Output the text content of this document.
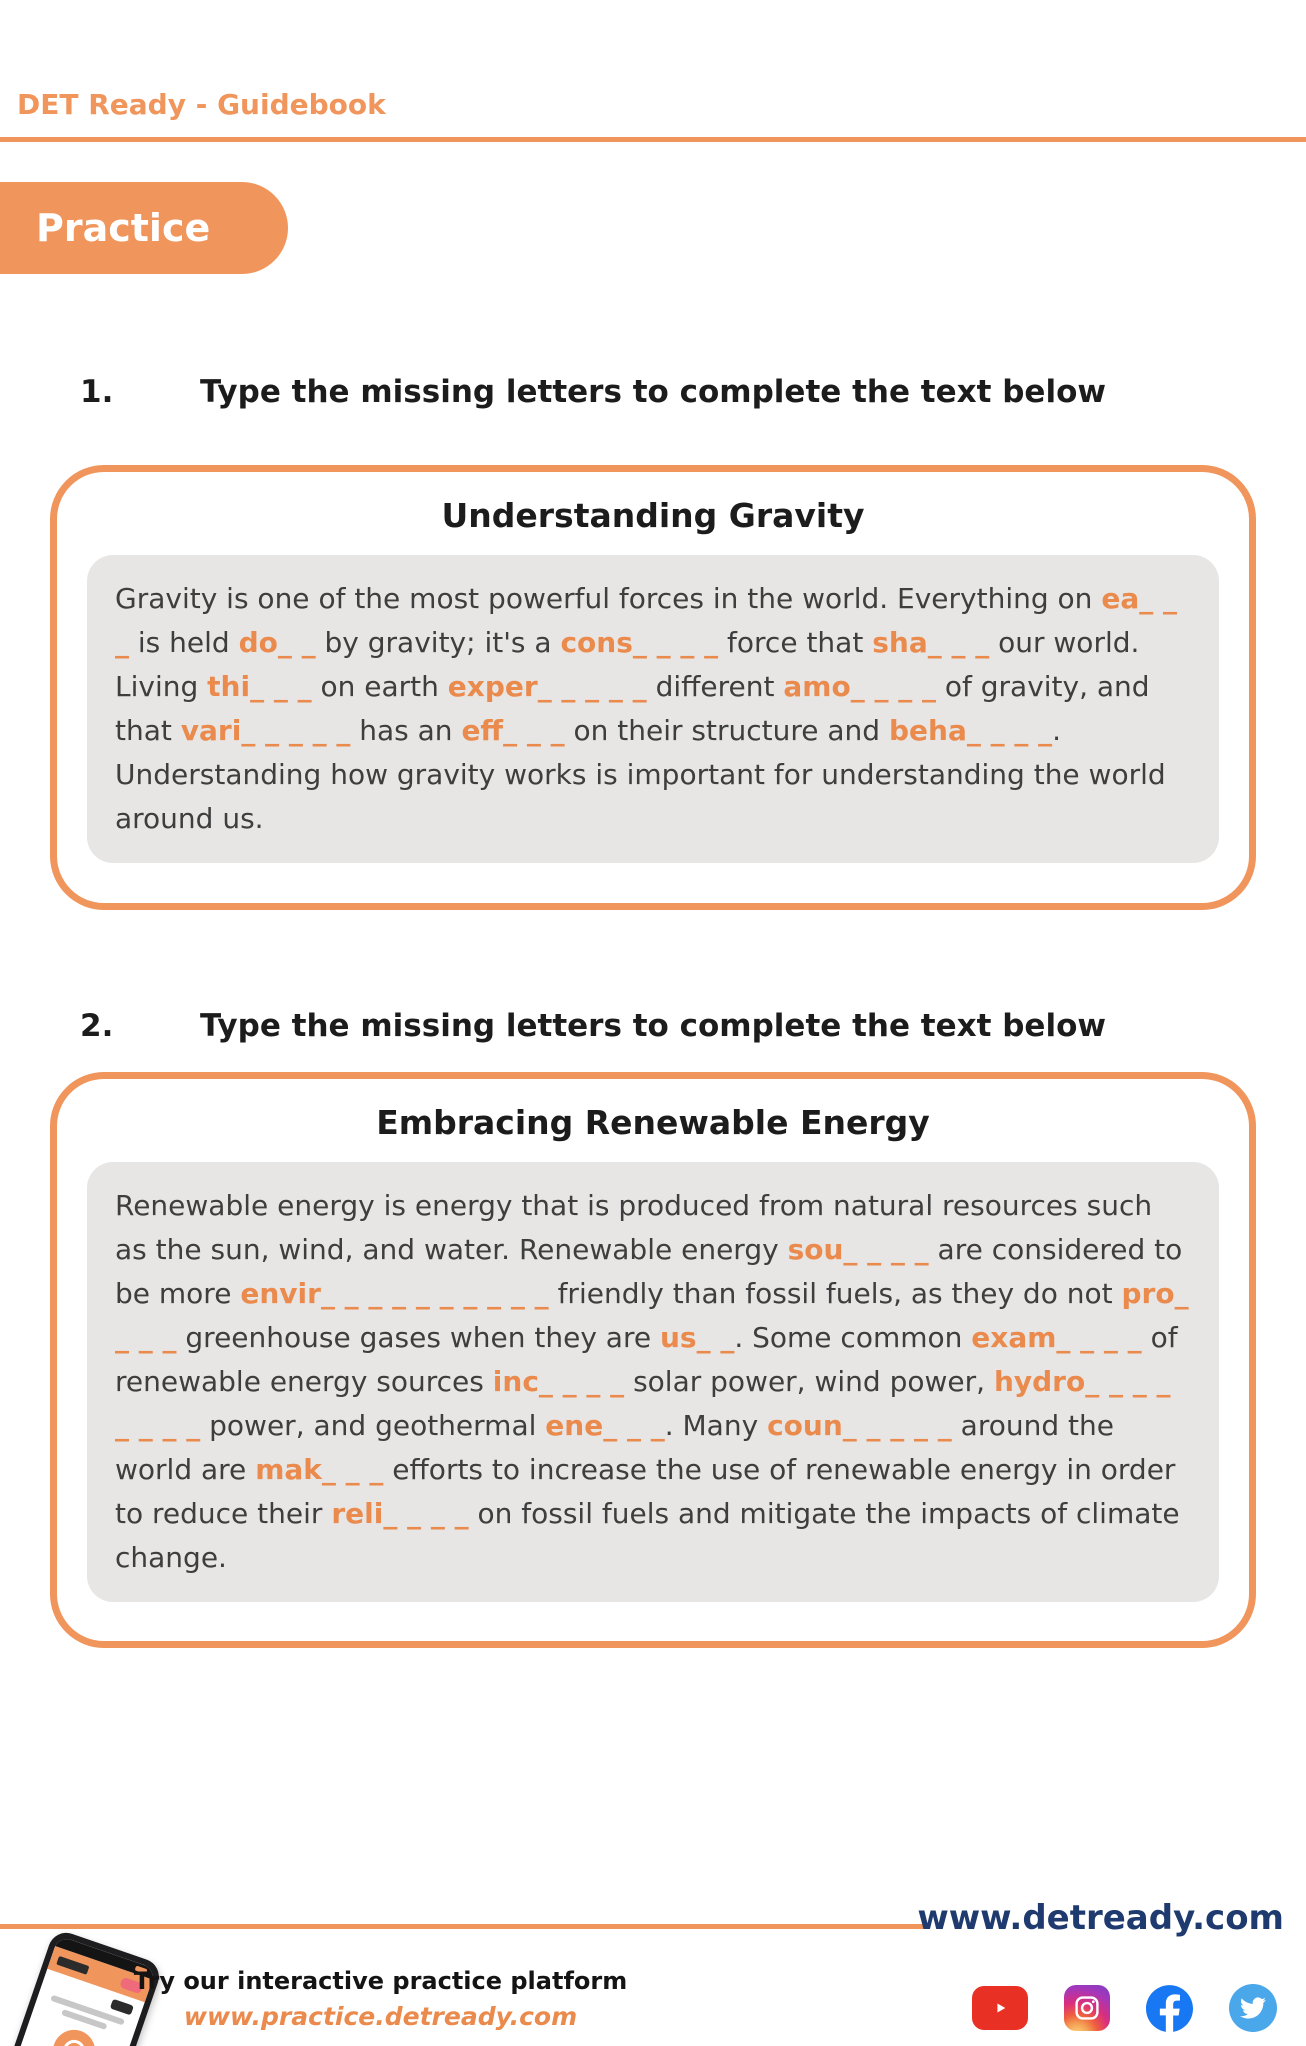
DET Ready - Guidebook
Practice
1.	Type the missing letters to complete the text below
Understanding Gravity
Gravity is one of the most powerful forces in the world. Everything on ea_ _ _ is held do_ _ by gravity; it's a cons_ _ _ _ force that sha_ _ _ our world. Living thi_ _ _ on earth exper_ _ _ _ _ different amo_ _ _ _ of gravity, and that vari_ _ _ _ _ has an eff_ _ _ on their structure and beha_ _ _ _. Understanding how gravity works is important for understanding the world around us.
2.	Type the missing letters to complete the text below
Embracing Renewable Energy
Renewable energy is energy that is produced from natural resources such as the sun, wind, and water. Renewable energy sou_ _ _ _ are considered to be more envir_ _ _ _ _ _ _ _ _ _ friendly than fossil fuels, as they do not pro_ _ _ _ greenhouse gases when they are us_ _. Some common exam_ _ _ _ of renewable energy sources inc_ _ _ _ solar power, wind power, hydro_ _ _ _ _ _ _ _ power, and geothermal ene_ _ _. Many coun_ _ _ _ _ around the world are mak_ _ _ efforts to increase the use of renewable energy in order to reduce their reli_ _ _ _ on fossil fuels and mitigate the impacts of climate change.
www.detready.com
Try our interactive practice platform
www.practice.detready.com
